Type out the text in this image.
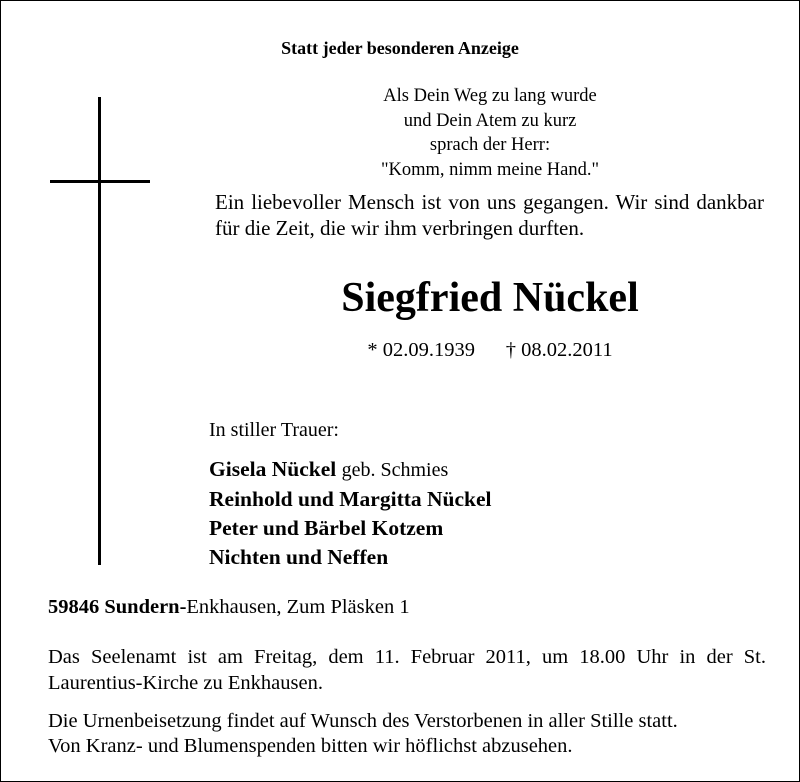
Statt jeder besonderen Anzeige
Als Dein Weg zu lang wurde
und Dein Atem zu kurz
sprach der Herr:
"Komm, nimm meine Hand."
Ein liebevoller Mensch ist von uns gegangen. Wir sind dankbar für die Zeit, die wir ihm verbringen durften.
Siegfried Nückel
* 02.09.1939 † 08.02.2011
In stiller Trauer:
Gisela Nückel geb. Schmies
Reinhold und Margitta Nückel
Peter und Bärbel Kotzem
Nichten und Neffen
59846 Sundern-Enkhausen, Zum Pläsken 1
Das Seelenamt ist am Freitag, dem 11. Februar 2011, um 18.00 Uhr in der St. Laurentius-Kirche zu Enkhausen.
Die Urnenbeisetzung findet auf Wunsch des Verstorbenen in aller Stille statt.
Von Kranz- und Blumenspenden bitten wir höflichst abzusehen.
